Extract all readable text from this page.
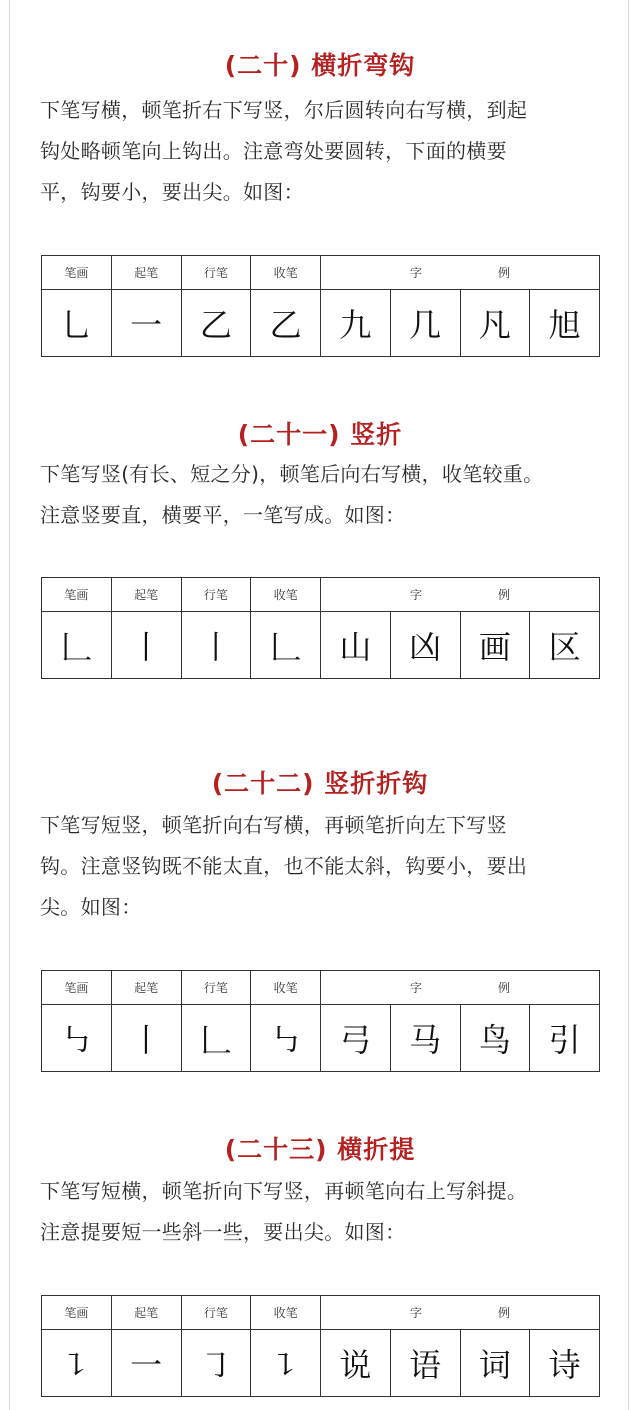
(二十) 横折弯钩
下笔写横，顿笔折右下写竖，尔后圆转向右写横，到起
钩处略顿笔向上钩出。注意弯处要圆转，下面的横要
平，钩要小，要出尖。如图：
笔画	起笔	行笔	收笔	字 例			
乚	一	乙	乙	九	几	凡	旭
(二十一) 竖折
下笔写竖(有长、短之分)，顿笔后向右写横，收笔较重。
注意竖要直，横要平，一笔写成。如图：
笔画	起笔	行笔	收笔	字 例			
𠃊	丨	丨	𠃊	山	凶	画	区
(二十二) 竖折折钩
下笔写短竖，顿笔折向右写横，再顿笔折向左下写竖
钩。注意竖钩既不能太直，也不能太斜，钩要小，要出
尖。如图：
笔画	起笔	行笔	收笔	字 例			
㇉	丨	𠃊	㇉	弓	马	鸟	引
(二十三) 横折提
下笔写短横，顿笔折向下写竖，再顿笔向右上写斜提。
注意提要短一些斜一些，要出尖。如图：
笔画	起笔	行笔	收笔	字 例			
㇊	一	㇆	㇊	说	语	词	诗
